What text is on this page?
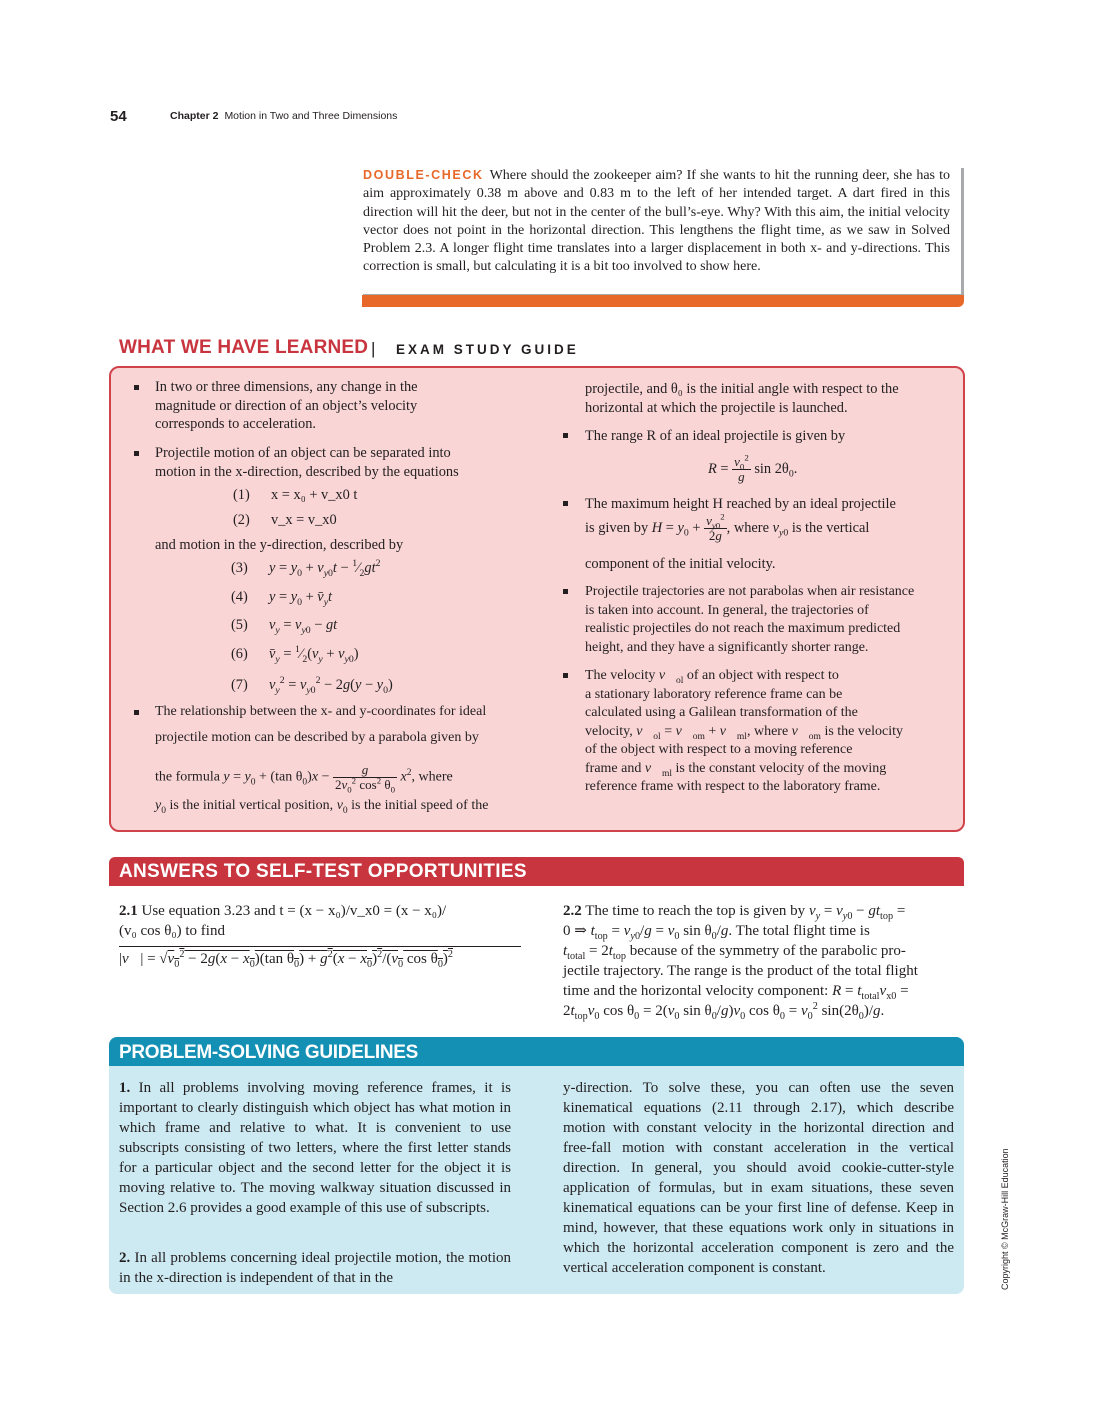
54	Chapter 2 Motion in Two and Three Dimensions
DOUBLE-CHECK Where should the zookeeper aim? If she wants to hit the running deer, she has to aim approximately 0.38 m above and 0.83 m to the left of her intended target. A dart fired in this direction will hit the deer, but not in the center of the bull’s-eye. Why? With this aim, the initial velocity vector does not point in the horizontal direction. This lengthens the flight time, as we saw in Solved Problem 2.3. A longer flight time translates into a larger displacement in both x- and y-directions. This correction is small, but calculating it is a bit too involved to show here.
WHAT WE HAVE LEARNED | EXAM STUDY GUIDE
In two or three dimensions, any change in the
magnitude or direction of an object’s velocity
corresponds to acceleration.
Projectile motion of an object can be separated into
motion in the x-direction, described by the equations
(1) x = x₀ + v_x0 t
(2) v_x = v_x0
and motion in the y-direction, described by
(3) $y = y_0 + v_{y0}t$ − $^1⁄_2gt^2$
(4) $y = y_0$ + $v̄_yt$
(5) $v_y = v_{y0}$ − gt
(6) $v̄_y$ = $^1⁄_2(v_y + v_{y0})$
(7) $v_y^2 = v_{y0}^2 - 2g(y - y_0)$
The relationship between the x- and y-coordinates for ideal
projectile motion can be described by a parabola given by
the formula $y = y_0 + (\tan$ $\theta_0)x - \frac{g}{2v_0^2 \cos^2 \theta_0} x^2$, where
$y_0$ is the initial vertical position, $v_0$ is the initial speed of the
projectile, and θ₀ is the initial angle with respect to the
horizontal at which the projectile is launched.
The range R of an ideal projectile is given by
$R = \frac{v_0^2}{g}$ $\sin 2\theta_0$.
The maximum height H reached by an ideal projectile
is given by $H = y_0 + \frac{v_{y0}^2}{2g}$ , where $v_{y0}$ is the vertical
component of the initial velocity.
Projectile trajectories are not parabolas when air resistance
is taken into account. In general, the trajectories of
realistic projectiles do not reach the maximum predicted
height, and they have a significantly shorter range.
The velocity $v⃗_{ol}$ of an object with respect to
a stationary laboratory reference frame can be
calculated using a Galilean transformation of the
velocity, $v⃗_{ol}$ = $v⃗_{om}$ + $v⃗_{ml}$, where $v⃗_{om}$ is the velocity
of the object with respect to a moving reference
frame and $v⃗_{ml}$ is the constant velocity of the moving
reference frame with respect to the laboratory frame.
ANSWERS TO SELF-TEST OPPORTUNITIES
2.1 Use equation 3.23 and t = (x − x₀)/v_x0 = (x − x₀)/
(v₀ cos θ₀) to find
|v⃗| = $√v_0^2 - 2g(x - x_0)(\tan$ $\theta_0) + g^2(x - x_0)^2/(v_0$ $\cos \theta_0)^2$
2.2 The time to reach the top is given by $v_y = v_{y0} - gt_{top}$ =
0 ⇒ $t_{top} = v_{y0}/g = v_0$ $\sin \theta_0/g$. The total flight time is
$t_{total} = 2t_{top}$ because of the symmetry of the parabolic pro-
jectile trajectory. The range is the product of the total flight
time and the horizontal velocity component: $R = t_{total}v_{x0}$ =
$2t_{top}v_0$ $\cos \theta_0 = 2(v_0$ $\sin \theta_0/g)v_0$ $\cos \theta_0 = v_0^2$ $\sin(2\theta_0)/g$.
PROBLEM-SOLVING GUIDELINES
1. In all problems involving moving reference frames, it is important to clearly distinguish which object has what motion in which frame and relative to what. It is convenient to use subscripts consisting of two letters, where the first letter stands for a particular object and the second letter for the object it is moving relative to. The moving walkway situation discussed in Section 2.6 provides a good example of this use of subscripts.
2. In all problems concerning ideal projectile motion, the motion in the x-direction is independent of that in the
y-direction. To solve these, you can often use the seven kinematical equations (2.11 through 2.17), which describe motion with constant velocity in the horizontal direction and free-fall motion with constant acceleration in the vertical direction. In general, you should avoid cookie-cutter-style application of formulas, but in exam situations, these seven kinematical equations can be your first line of defense. Keep in mind, however, that these equations work only in situations in which the horizontal acceleration component is zero and the vertical acceleration component is constant.	Copyright © McGraw-Hill Education
